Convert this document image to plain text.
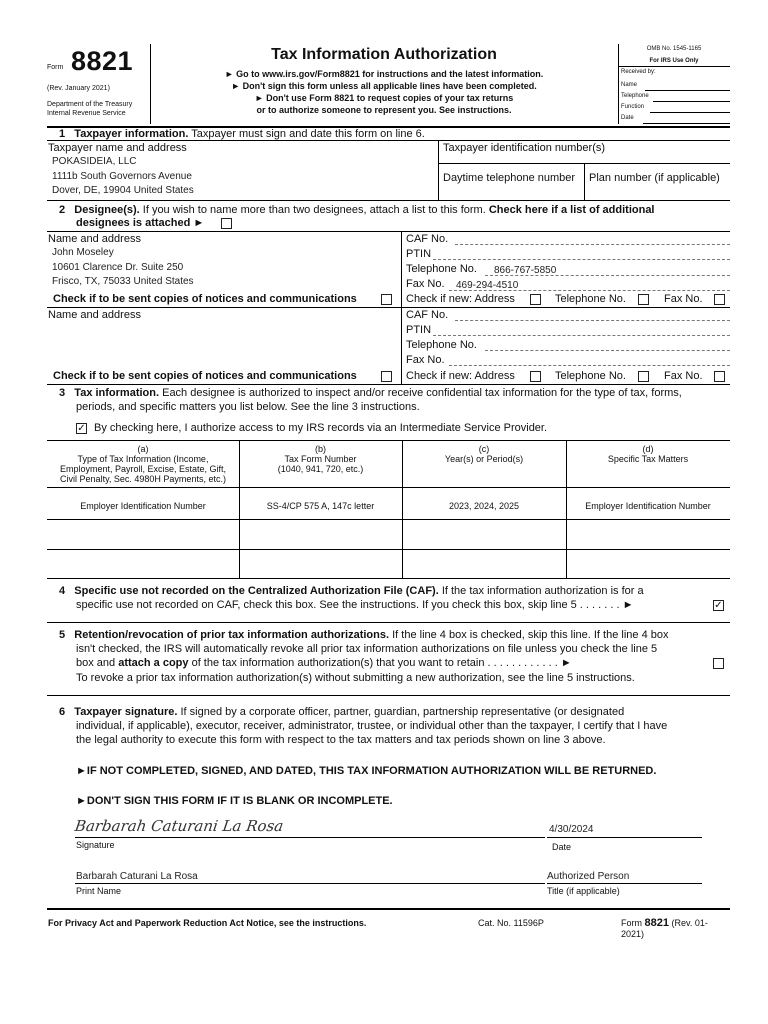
Form 8821
(Rev. January 2021)
Department of the Treasury
Internal Revenue Service
Tax Information Authorization
► Go to www.irs.gov/Form8821 for instructions and the latest information.
► Don't sign this form unless all applicable lines have been completed.
► Don't use Form 8821 to request copies of your tax returns
or to authorize someone to represent you. See instructions.
OMB No. 1545-1165
For IRS Use Only
Received by:
Name
Telephone
Function
Date
1 Taxpayer information. Taxpayer must sign and date this form on line 6.
Taxpayer name and address
POKASIDEIA, LLC
1111b South Governors Avenue
Dover, DE, 19904 United States
Taxpayer identification number(s)
Daytime telephone number Plan number (if applicable)
2 Designee(s). If you wish to name more than two designees, attach a list to this form. Check here if a list of additional
designees is attached ►
Name and address
John Moseley
10601 Clarence Dr. Suite 250
Frisco, TX, 75033 United States
Check if to be sent copies of notices and communications
CAF No.
PTIN
Telephone No. 866-767-5850
Fax No. 469-294-4510
Check if new: Address	Telephone No.	Fax No.
Name and address
Check if to be sent copies of notices and communications
CAF No.
PTIN
Telephone No.
Fax No.
Check if new: Address	Telephone No.	Fax No.
3 Tax information. Each designee is authorized to inspect and/or receive confidential tax information for the type of tax, forms,
periods, and specific matters you list below. See the line 3 instructions.
✓ By checking here, I authorize access to my IRS records via an Intermediate Service Provider.
(a)
Type of Tax Information (Income,
Employment, Payroll, Excise, Estate, Gift,
Civil Penalty, Sec. 4980H Payments, etc.)
(b)
Tax Form Number
(1040, 941, 720, etc.)
(c)
Year(s) or Period(s)
(d)
Specific Tax Matters
Employer Identification Number	SS-4/CP 575 A, 147c letter	2023, 2024, 2025	Employer Identification Number
4 Specific use not recorded on the Centralized Authorization File (CAF). If the tax information authorization is for a
specific use not recorded on CAF, check this box. See the instructions. If you check this box, skip line 5 . . . . . . . ►	✓
5 Retention/revocation of prior tax information authorizations. If the line 4 box is checked, skip this line. If the line 4 box
isn't checked, the IRS will automatically revoke all prior tax information authorizations on file unless you check the line 5
box and attach a copy of the tax information authorization(s) that you want to retain . . . . . . . . . . . . ►
To revoke a prior tax information authorization(s) without submitting a new authorization, see the line 5 instructions.
6 Taxpayer signature. If signed by a corporate officer, partner, guardian, partnership representative (or designated
individual, if applicable), executor, receiver, administrator, trustee, or individual other than the taxpayer, I certify that I have
the legal authority to execute this form with respect to the tax matters and tax periods shown on line 3 above.
►IF NOT COMPLETED, SIGNED, AND DATED, THIS TAX INFORMATION AUTHORIZATION WILL BE RETURNED.
►DON'T SIGN THIS FORM IF IT IS BLANK OR INCOMPLETE.
Barbarah Caturani La Rosa
Signature
4/30/2024
Date
Barbarah Caturani La Rosa
Print Name
Authorized Person
Title (if applicable)
For Privacy Act and Paperwork Reduction Act Notice, see the instructions.	Cat. No. 11596P	Form 8821 (Rev. 01-2021)
